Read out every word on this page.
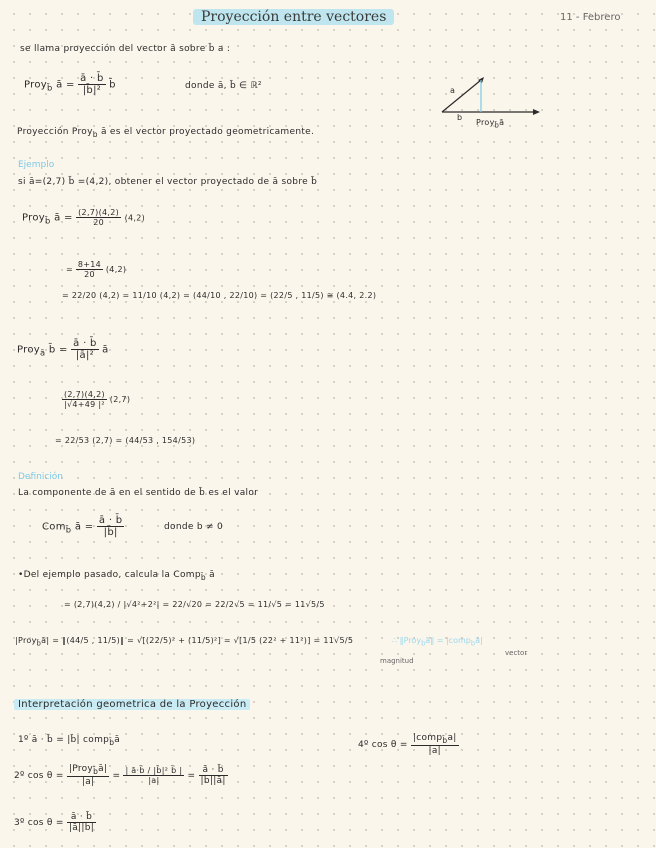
Proyección entre vectores	11 - Febrero
se llama proyección del vector ā sobre b̄ a :
Proy$_{b̄}$ ā = $\frac{ā \cdot b̄}{\text{|b̄|²}}$ b̄	donde ā, b̄ ∈ ℝ²	a
b
Proy$_{b̄}$ā
Proyección Proy$_b$ ā es el vector proyectado geometricamente.
Ejemplo
si ā=(2,7) b̄ =(4,2), obtener el vector proyectado de ā sobre b̄
Proy$_{b̄}$ ā = $\frac{(2,7)(4,2)}{20} (4,2)$
= $\frac{8+14}{20} (4,2)$
= 22/20 (4,2) = 11/10 (4,2) = (44/10 , 22/10) = (22/5 , 11/5) ≅ (4.4, 2.2)
Proy$_ā$ b̄ = $\frac{ā \cdot b̄}{\text{|ā|²}}$ ā
$\frac{(2,7)(4,2)}{\text{|√4+49 |²}} (2,7)$
= 22/53 (2,7) = (44/53 , 154/53)
Definición
La componente de ā en el sentido de b̄ es el valor
Com$_{b̄}$ ā = $\frac{ā \cdot b̄}{|b̄|}$	donde b ≠ 0
•Del ejemplo pasado, calcula la Comp$_{b̄}$ ā
= (2,7)(4,2) / |√4²+2²| = 22/√20 = 22/2√5 = 11/√5 = 11√5/5
|Proy$_{b̄}$ā| = ‖(44/5 , 11/5)‖ = √[(22/5)² + (11/5)²] = √[1/5 (22² + 11²)] = 11√5/5	∴ ‖Proy$_b$ā‖ = |comp$_b$ā|
magnitud
vector
Interpretación geometrica de la Proyección
1º ā · b̄ = |b̄| comp$_{b̄}$ā	4º $\cos \theta = \frac{|comp_{b̄}a|}{|a|}$
2º $\cos \theta = \frac{|Proy_{b̄}ā|}{|a|} = \frac{\text{| ā·b̄ / |b̄|² b̄ |}}{|a|} = \frac{ā \cdot b̄}{|b̄||ā|}$
3º $\cos \theta = \frac{ā \cdot b̄}{|ā||b̄|}$
